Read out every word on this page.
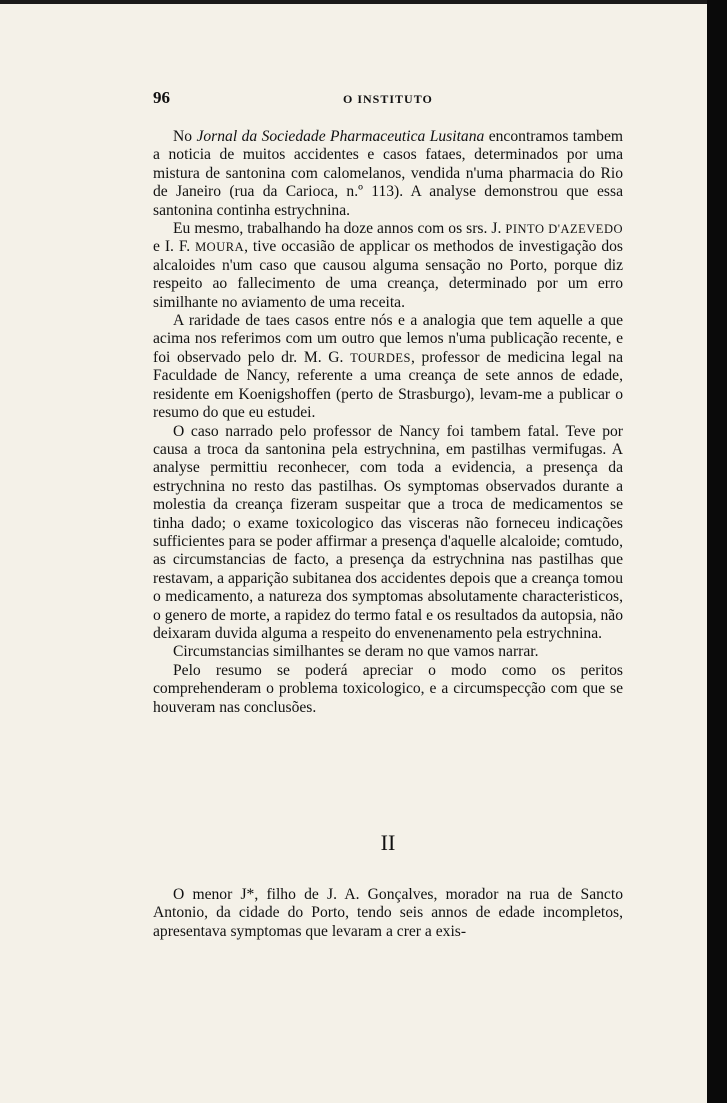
96	O INSTITUTO

No Jornal da Sociedade Pharmaceutica Lusitana encontramos tambem a noticia de muitos accidentes e casos fataes, determinados por uma mistura de santonina com calomelanos, vendida n'uma pharmacia do Rio de Janeiro (rua da Carioca, n.º 113). A analyse demonstrou que essa santonina continha estrychnina.

Eu mesmo, trabalhando ha doze annos com os srs. J. PINTO D'AZEVEDO e I. F. MOURA, tive occasião de applicar os methodos de investigação dos alcaloides n'um caso que causou alguma sensação no Porto, porque diz respeito ao fallecimento de uma creança, determinado por um erro similhante no aviamento de uma receita.

A raridade de taes casos entre nós e a analogia que tem aquelle a que acima nos referimos com um outro que lemos n'uma publicação recente, e foi observado pelo dr. M. G. TOURDES, professor de medicina legal na Faculdade de Nancy, referente a uma creança de sete annos de edade, residente em Koenigshoffen (perto de Strasburgo), levam-me a publicar o resumo do que eu estudei.

O caso narrado pelo professor de Nancy foi tambem fatal. Teve por causa a troca da santonina pela estrychnina, em pastilhas vermifugas. A analyse permittiu reconhecer, com toda a evidencia, a presença da estrychnina no resto das pastilhas. Os symptomas observados durante a molestia da creança fizeram suspeitar que a troca de medicamentos se tinha dado; o exame toxicologico das visceras não forneceu indicações sufficientes para se poder affirmar a presença d'aquelle alcaloide; comtudo, as circumstancias de facto, a presença da estrychnina nas pastilhas que restavam, a apparição subitanea dos accidentes depois que a creança tomou o medicamento, a natureza dos symptomas absolutamente characteristicos, o genero de morte, a rapidez do termo fatal e os resultados da autopsia, não deixaram duvida alguma a respeito do envenenamento pela estrychnina.

Circumstancias similhantes se deram no que vamos narrar.

Pelo resumo se poderá apreciar o modo como os peritos comprehenderam o problema toxicologico, e a circumspecção com que se houveram nas conclusões.

II

O menor J*, filho de J. A. Gonçalves, morador na rua de Sancto Antonio, da cidade do Porto, tendo seis annos de edade incompletos, apresentava symptomas que levaram a crer a exis-
